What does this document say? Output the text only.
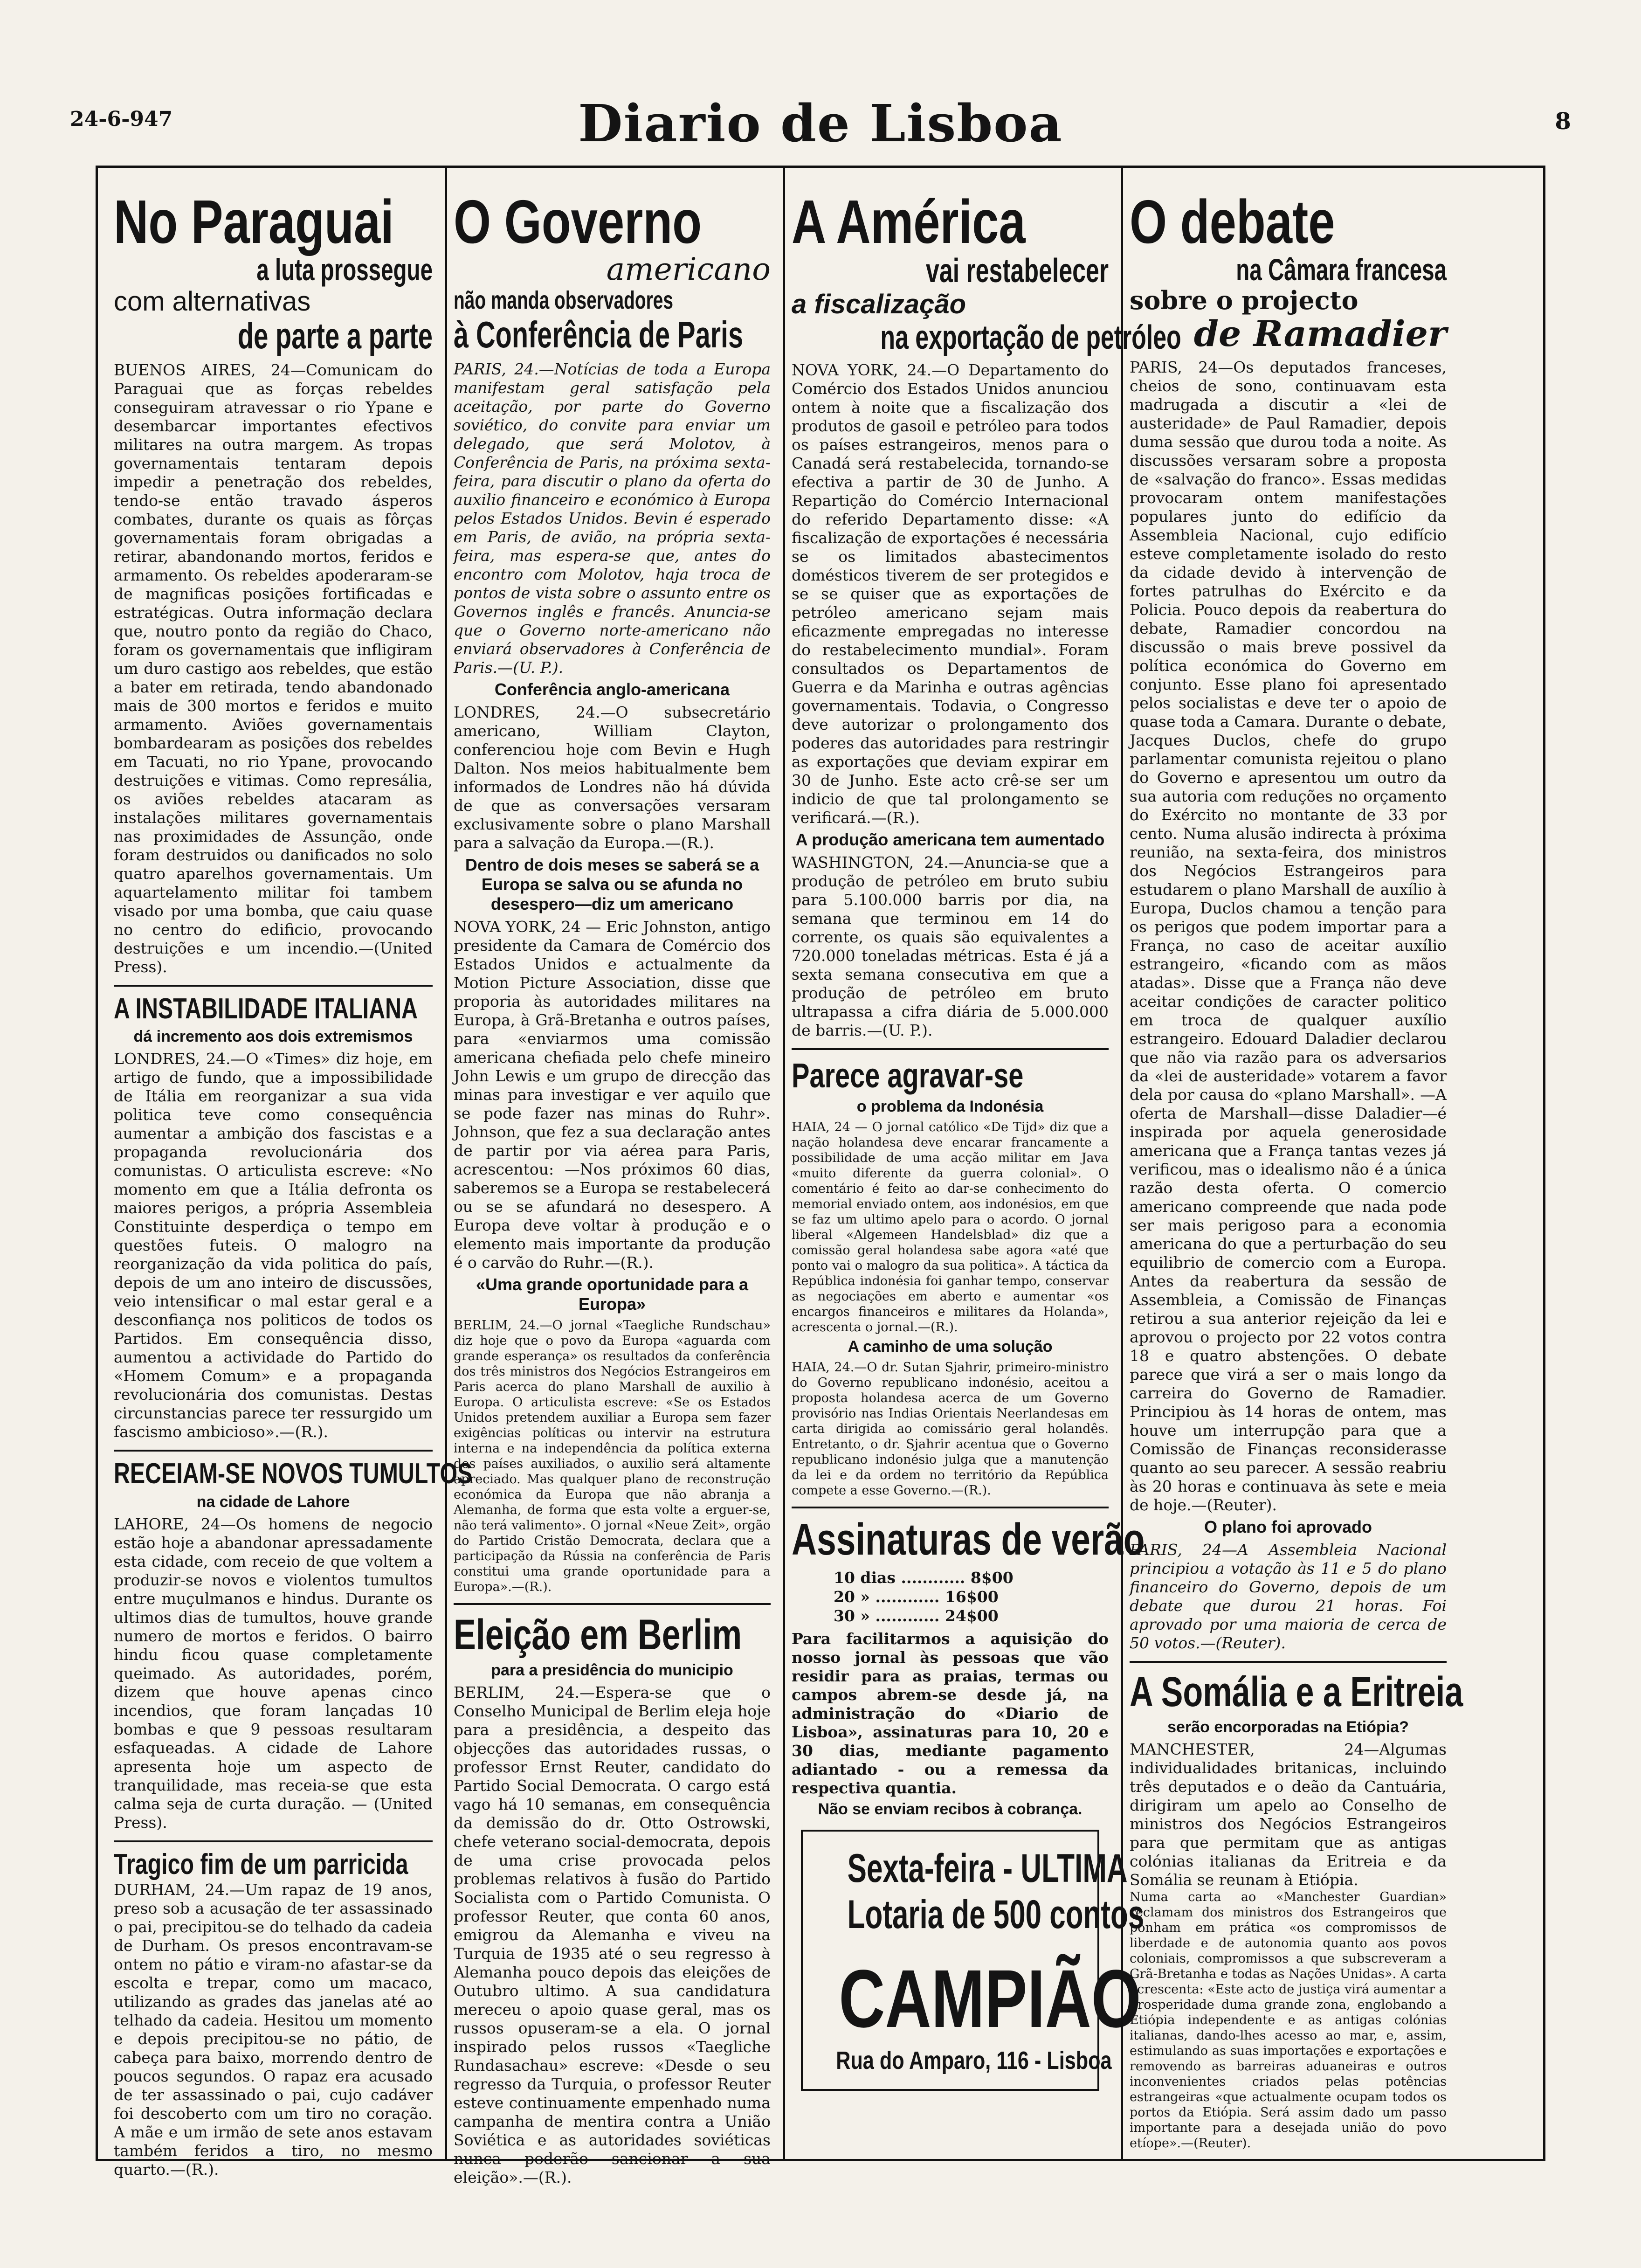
24-6-947	Diario de Lisboa	8
No Paraguai
a luta prossegue
com alternativas
de parte a parte

BUENOS AIRES, 24—Comunicam do Paraguai que as forças rebeldes conseguiram atravessar o rio Ypane e desembarcar importantes efectivos militares na outra margem. As tropas governamentais tentaram depois impedir a penetração dos rebeldes, tendo-se então travado ásperos combates, durante os quais as fôrças governamentais foram obrigadas a retirar, abandonando mortos, feridos e armamento. Os rebeldes apoderaram-se de magnificas posições fortificadas e estratégicas. Outra informação declara que, noutro ponto da região do Chaco, foram os governamentais que infligiram um duro castigo aos rebeldes, que estão a bater em retirada, tendo abandonado mais de 300 mortos e feridos e muito armamento. Aviões governamentais bombardearam as posições dos rebeldes em Tacuati, no rio Ypane, provocando destruições e vitimas. Como represália, os aviões rebeldes atacaram as instalações militares governamentais nas proximidades de Assunção, onde foram destruidos ou danificados no solo quatro aparelhos governamentais. Um aquartelamento militar foi tambem visado por uma bomba, que caiu quase no centro do edificio, provocando destruições e um incendio.—(United Press).

A INSTABILIDADE ITALIANA
dá incremento aos dois extremismos

LONDRES, 24.—O «Times» diz hoje, em artigo de fundo, que a impossibilidade de Itália em reorganizar a sua vida politica teve como consequência aumentar a ambição dos fascistas e a propaganda revolucionária dos comunistas. O articulista escreve: «No momento em que a Itália defronta os maiores perigos, a própria Assembleia Constituinte desperdiça o tempo em questões futeis. O malogro na reorganização da vida politica do país, depois de um ano inteiro de discussões, veio intensificar o mal estar geral e a desconfiança nos politicos de todos os Partidos. Em consequência disso, aumentou a actividade do Partido do «Homem Comum» e a propaganda revolucionária dos comunistas. Destas circunstancias parece ter ressurgido um fascismo ambicioso».—(R.).

RECEIAM-SE NOVOS TUMULTOS
na cidade de Lahore

LAHORE, 24—Os homens de negocio estão hoje a abandonar apressadamente esta cidade, com receio de que voltem a produzir-se novos e violentos tumultos entre muçulmanos e hindus. Durante os ultimos dias de tumultos, houve grande numero de mortos e feridos. O bairro hindu ficou quase completamente queimado. As autoridades, porém, dizem que houve apenas cinco incendios, que foram lançadas 10 bombas e que 9 pessoas resultaram esfaqueadas. A cidade de Lahore apresenta hoje um aspecto de tranquilidade, mas receia-se que esta calma seja de curta duração. — (United Press).

Tragico fim de um parricida

DURHAM, 24.—Um rapaz de 19 anos, preso sob a acusação de ter assassinado o pai, precipitou-se do telhado da cadeia de Durham. Os presos encontravam-se ontem no pátio e viram-no afastar-se da escolta e trepar, como um macaco, utilizando as grades das janelas até ao telhado da cadeia. Hesitou um momento e depois precipitou-se no pátio, de cabeça para baixo, morrendo dentro de poucos segundos. O rapaz era acusado de ter assassinado o pai, cujo cadáver foi descoberto com um tiro no coração. A mãe e um irmão de sete anos estavam também feridos a tiro, no mesmo quarto.—(R.).

O Governo
americano
não manda observadores
à Conferência de Paris

PARIS, 24.—Notícias de toda a Europa manifestam geral satisfação pela aceitação, por parte do Governo soviético, do convite para enviar um delegado, que será Molotov, à Conferência de Paris, na próxima sexta-feira, para discutir o plano da oferta do auxilio financeiro e económico à Europa pelos Estados Unidos. Bevin é esperado em Paris, de avião, na própria sexta-feira, mas espera-se que, antes do encontro com Molotov, haja troca de pontos de vista sobre o assunto entre os Governos inglês e francês. Anuncia-se que o Governo norte-americano não enviará observadores à Conferência de Paris.—(U. P.).

Conferência anglo-americana

LONDRES, 24.—O subsecretário americano, William Clayton, conferenciou hoje com Bevin e Hugh Dalton. Nos meios habitualmente bem informados de Londres não há dúvida de que as conversações versaram exclusivamente sobre o plano Marshall para a salvação da Europa.—(R.).

Dentro de dois meses se saberá se a Europa se salva ou se afunda no desespero—diz um americano

NOVA YORK, 24 — Eric Johnston, antigo presidente da Camara de Comércio dos Estados Unidos e actualmente da Motion Picture Association, disse que proporia às autoridades militares na Europa, à Grã-Bretanha e outros países, para «enviarmos uma comissão americana chefiada pelo chefe mineiro John Lewis e um grupo de direcção das minas para investigar e ver aquilo que se pode fazer nas minas do Ruhr». Johnson, que fez a sua declaração antes de partir por via aérea para Paris, acrescentou: —Nos próximos 60 dias, saberemos se a Europa se restabelecerá ou se se afundará no desespero. A Europa deve voltar à produção e o elemento mais importante da produção é o carvão do Ruhr.—(R.).

«Uma grande oportunidade para a Europa»

BERLIM, 24.—O jornal «Taegliche Rundschau» diz hoje que o povo da Europa «aguarda com grande esperança» os resultados da conferência dos três ministros dos Negócios Estrangeiros em Paris acerca do plano Marshall de auxilio à Europa. O articulista escreve: «Se os Estados Unidos pretendem auxiliar a Europa sem fazer exigências políticas ou intervir na estrutura interna e na independência da política externa dos países auxiliados, o auxilio será altamente apreciado. Mas qualquer plano de reconstrução económica da Europa que não abranja a Alemanha, de forma que esta volte a erguer-se, não terá valimento». O jornal «Neue Zeit», orgão do Partido Cristão Democrata, declara que a participação da Rússia na conferência de Paris constitui uma grande oportunidade para a Europa».—(R.).

Eleição em Berlim
para a presidência do municipio

BERLIM, 24.—Espera-se que o Conselho Municipal de Berlim eleja hoje para a presidência, a despeito das objecções das autoridades russas, o professor Ernst Reuter, candidato do Partido Social Democrata. O cargo está vago há 10 semanas, em consequência da demissão do dr. Otto Ostrowski, chefe veterano social-democrata, depois de uma crise provocada pelos problemas relativos à fusão do Partido Socialista com o Partido Comunista. O professor Reuter, que conta 60 anos, emigrou da Alemanha e viveu na Turquia de 1935 até o seu regresso à Alemanha pouco depois das eleições de Outubro ultimo. A sua candidatura mereceu o apoio quase geral, mas os russos opuseram-se a ela. O jornal inspirado pelos russos «Taegliche Rundasachau» escreve: «Desde o seu regresso da Turquia, o professor Reuter esteve continuamente empenhado numa campanha de mentira contra a União Soviética e as autoridades soviéticas nunca poderão sancionar a sua eleição».—(R.).

A América
vai restabelecer
a fiscalização
na exportação de petróleo

NOVA YORK, 24.—O Departamento do Comércio dos Estados Unidos anunciou ontem à noite que a fiscalização dos produtos de gasoil e petróleo para todos os países estrangeiros, menos para o Canadá será restabelecida, tornando-se efectiva a partir de 30 de Junho. A Repartição do Comércio Internacional do referido Departamento disse: «A fiscalização de exportações é necessária se os limitados abastecimentos domésticos tiverem de ser protegidos e se se quiser que as exportações de petróleo americano sejam mais eficazmente empregadas no interesse do restabelecimento mundial». Foram consultados os Departamentos de Guerra e da Marinha e outras agências governamentais. Todavia, o Congresso deve autorizar o prolongamento dos poderes das autoridades para restringir as exportações que deviam expirar em 30 de Junho. Este acto crê-se ser um indicio de que tal prolongamento se verificará.—(R.).

A produção americana tem aumentado

WASHINGTON, 24.—Anuncia-se que a produção de petróleo em bruto subiu para 5.100.000 barris por dia, na semana que terminou em 14 do corrente, os quais são equivalentes a 720.000 toneladas métricas. Esta é já a sexta semana consecutiva em que a produção de petróleo em bruto ultrapassa a cifra diária de 5.000.000 de barris.—(U. P.).

Parece agravar-se
o problema da Indonésia

HAIA, 24 — O jornal católico «De Tijd» diz que a nação holandesa deve encarar francamente a possibilidade de uma acção militar em Java «muito diferente da guerra colonial». O comentário é feito ao dar-se conhecimento do memorial enviado ontem, aos indonésios, em que se faz um ultimo apelo para o acordo. O jornal liberal «Algemeen Handelsblad» diz que a comissão geral holandesa sabe agora «até que ponto vai o malogro da sua politica». A táctica da República indonésia foi ganhar tempo, conservar as negociações em aberto e aumentar «os encargos financeiros e militares da Holanda», acrescenta o jornal.—(R.).

A caminho de uma solução

HAIA, 24.—O dr. Sutan Sjahrir, primeiro-ministro do Governo republicano indonésio, aceitou a proposta holandesa acerca de um Governo provisório nas Indias Orientais Neerlandesas em carta dirigida ao comissário geral holandês. Entretanto, o dr. Sjahrir acentua que o Governo republicano indonésio julga que a manutenção da lei e da ordem no território da República compete a esse Governo.—(R.).

Assinaturas de verão
10 dias ............ 8$00
20 » ............ 16$00
30 » ............ 24$00

Para facilitarmos a aquisição do nosso jornal às pessoas que vão residir para as praias, termas ou campos abrem-se desde já, na administração do «Diario de Lisboa», assinaturas para 10, 20 e 30 dias, mediante pagamento adiantado - ou a remessa da respectiva quantia.

Não se enviam recibos à cobrança.
Sexta-feira - ULTIMA
Lotaria de 500 contos
CAMPIÃO
Rua do Amparo, 116 - Lisboa
O debate
na Câmara francesa
sobre o projecto
de Ramadier

PARIS, 24—Os deputados franceses, cheios de sono, continuavam esta madrugada a discutir a «lei de austeridade» de Paul Ramadier, depois duma sessão que durou toda a noite. As discussões versaram sobre a proposta de «salvação do franco». Essas medidas provocaram ontem manifestações populares junto do edifício da Assembleia Nacional, cujo edifício esteve completamente isolado do resto da cidade devido à intervenção de fortes patrulhas do Exército e da Policia. Pouco depois da reabertura do debate, Ramadier concordou na discussão o mais breve possivel da política económica do Governo em conjunto. Esse plano foi apresentado pelos socialistas e deve ter o apoio de quase toda a Camara. Durante o debate, Jacques Duclos, chefe do grupo parlamentar comunista rejeitou o plano do Governo e apresentou um outro da sua autoria com reduções no orçamento do Exército no montante de 33 por cento. Numa alusão indirecta à próxima reunião, na sexta-feira, dos ministros dos Negócios Estrangeiros para estudarem o plano Marshall de auxílio à Europa, Duclos chamou a tenção para os perigos que podem importar para a França, no caso de aceitar auxílio estrangeiro, «ficando com as mãos atadas». Disse que a França não deve aceitar condições de caracter politico em troca de qualquer auxílio estrangeiro. Edouard Daladier declarou que não via razão para os adversarios da «lei de austeridade» votarem a favor dela por causa do «plano Marshall». —A oferta de Marshall—disse Daladier—é inspirada por aquela generosidade americana que a França tantas vezes já verificou, mas o idealismo não é a única razão desta oferta. O comercio americano compreende que nada pode ser mais perigoso para a economia americana do que a perturbação do seu equilibrio de comercio com a Europa. Antes da reabertura da sessão de Assembleia, a Comissão de Finanças retirou a sua anterior rejeição da lei e aprovou o projecto por 22 votos contra 18 e quatro abstenções. O debate parece que virá a ser o mais longo da carreira do Governo de Ramadier. Principiou às 14 horas de ontem, mas houve um interrupção para que a Comissão de Finanças reconsiderasse quanto ao seu parecer. A sessão reabriu às 20 horas e continuava às sete e meia de hoje.—(Reuter).

O plano foi aprovado

PARIS, 24—A Assembleia Nacional principiou a votação às 11 e 5 do plano financeiro do Governo, depois de um debate que durou 21 horas. Foi aprovado por uma maioria de cerca de 50 votos.—(Reuter).

A Somália e a Eritreia
serão encorporadas na Etiópia?

MANCHESTER, 24—Algumas individualidades britanicas, incluindo três deputados e o deão da Cantuária, dirigiram um apelo ao Conselho de ministros dos Negócios Estrangeiros para que permitam que as antigas colónias italianas da Eritreia e da Somália se reunam à Etiópia.

Numa carta ao «Manchester Guardian» reclamam dos ministros dos Estrangeiros que ponham em prática «os compromissos de liberdade e de autonomia quanto aos povos coloniais, compromissos a que subscreveram a Grã-Bretanha e todas as Nações Unidas». A carta acrescenta: «Este acto de justiça virá aumentar a prosperidade duma grande zona, englobando a Etiópia independente e as antigas colónias italianas, dando-lhes acesso ao mar, e, assim, estimulando as suas importações e exportações e removendo as barreiras aduaneiras e outros inconvenientes criados pelas potências estrangeiras «que actualmente ocupam todos os portos da Etiópia. Será assim dado um passo importante para a desejada união do povo etíope».—(Reuter).
